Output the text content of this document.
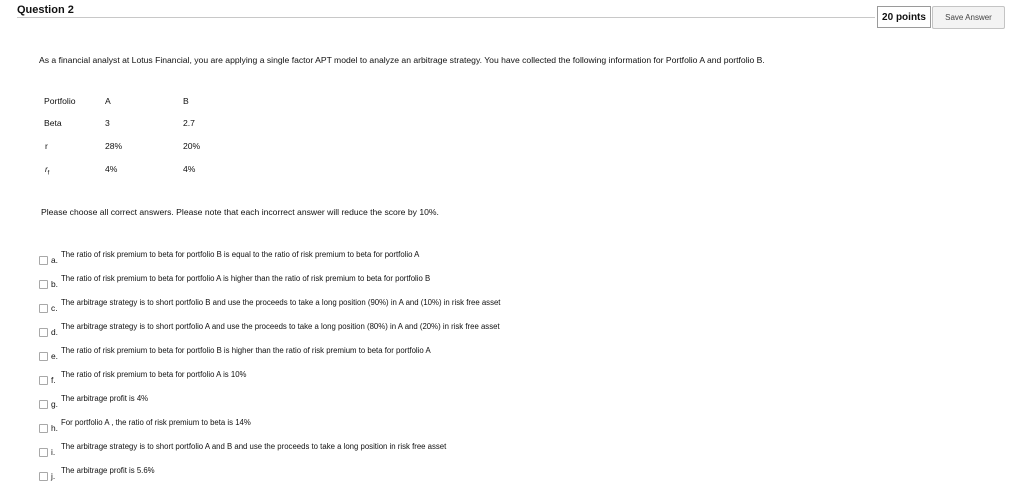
Question 2
20 points	Save Answer
As a financial analyst at Lotus Financial, you are applying a single factor APT model to analyze an arbitrage strategy. You have collected the following information for Portfolio A and portfolio B.
Portfolio	A	B
Beta	3	2.7
r	28%	20%
$r_f$	4%	4%
Please choose all correct answers. Please note that each incorrect answer will reduce the score by 10%.
a.
The ratio of risk premium to beta for portfolio B is equal to the ratio of risk premium to beta for portfolio A
b.
The ratio of risk premium to beta for portfolio A is higher than the ratio of risk premium to beta for portfolio B
c.
The arbitrage strategy is to short portfolio B and use the proceeds to take a long position (90%) in A and (10%) in risk free asset
d.
The arbitrage strategy is to short portfolio A and use the proceeds to take a long position (80%) in A and (20%) in risk free asset
e.
The ratio of risk premium to beta for portfolio B is higher than the ratio of risk premium to beta for portfolio A
f.
The ratio of risk premium to beta for portfolio A is 10%
g.
The arbitrage profit is 4%
h.
For portfolio A , the ratio of risk premium to beta is 14%
i.
The arbitrage strategy is to short portfolio A and B and use the proceeds to take a long position in risk free asset
j.
The arbitrage profit is 5.6%
